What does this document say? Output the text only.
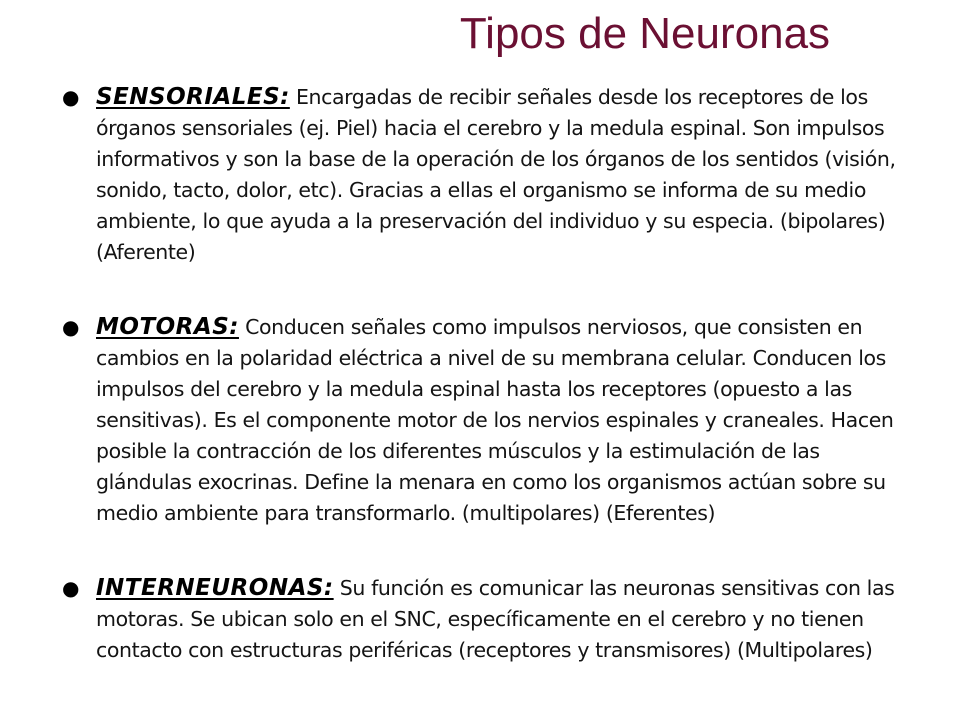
Tipos de Neuronas
● SENSORIALES: Encargadas de recibir señales desde los receptores de los órganos sensoriales (ej. Piel) hacia el cerebro y la medula espinal. Son impulsos informativos y son la base de la operación de los órganos de los sentidos (visión, sonido, tacto, dolor, etc). Gracias a ellas el organismo se informa de su medio ambiente, lo que ayuda a la preservación del individuo y su especia. (bipolares) (Aferente)
● MOTORAS: Conducen señales como impulsos nerviosos, que consisten en cambios en la polaridad eléctrica a nivel de su membrana celular. Conducen los impulsos del cerebro y la medula espinal hasta los receptores (opuesto a las sensitivas). Es el componente motor de los nervios espinales y craneales. Hacen posible la contracción de los diferentes músculos y la estimulación de las glándulas exocrinas. Define la menara en como los organismos actúan sobre su medio ambiente para transformarlo. (multipolares) (Eferentes)
● INTERNEURONAS: Su función es comunicar las neuronas sensitivas con las motoras. Se ubican solo en el SNC, específicamente en el cerebro y no tienen contacto con estructuras periféricas (receptores y transmisores) (Multipolares)
